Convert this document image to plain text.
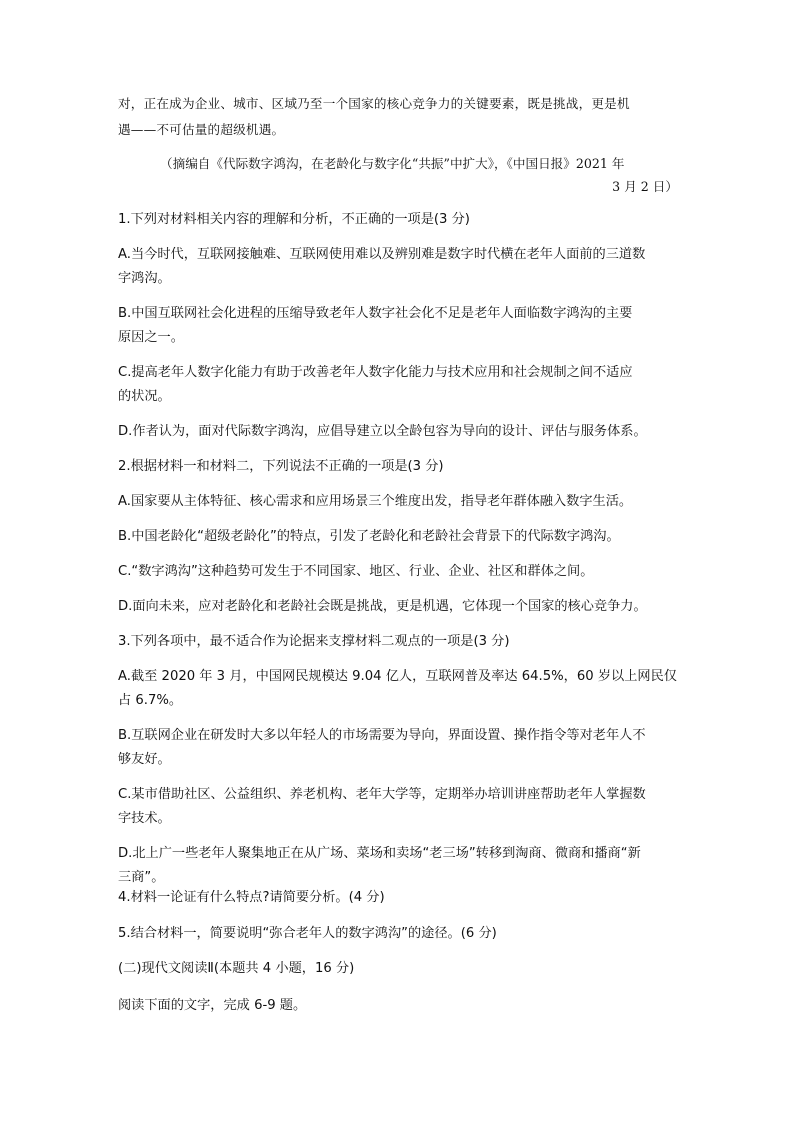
对，正在成为企业、城市、区域乃至一个国家的核心竞争力的关键要素，既是挑战，更是机
遇——不可估量的超级机遇。
（摘编自《代际数字鸿沟，在老龄化与数字化“共振”中扩大》，《中国日报》2021 年
3 月 2 日）
1.下列对材料相关内容的理解和分析，不正确的一项是(3 分)
A.当今时代，互联网接触难、互联网使用难以及辨别难是数字时代横在老年人面前的三道数
字鸿沟。
B.中国互联网社会化进程的压缩导致老年人数字社会化不足是老年人面临数字鸿沟的主要
原因之一。
C.提高老年人数字化能力有助于改善老年人数字化能力与技术应用和社会规制之间不适应
的状况。
D.作者认为，面对代际数字鸿沟，应倡导建立以全龄包容为导向的设计、评估与服务体系。
2.根据材料一和材料二，下列说法不正确的一项是(3 分)
A.国家要从主体特征、核心需求和应用场景三个维度出发，指导老年群体融入数字生活。
B.中国老龄化“超级老龄化”的特点，引发了老龄化和老龄社会背景下的代际数字鸿沟。
C.“数字鸿沟”这种趋势可发生于不同国家、地区、行业、企业、社区和群体之间。
D.面向未来，应对老龄化和老龄社会既是挑战，更是机遇，它体现一个国家的核心竞争力。
3.下列各项中，最不适合作为论据来支撑材料二观点的一项是(3 分)
A.截至 2020 年 3 月，中国网民规模达 9.04 亿人，互联网普及率达 64.5%，60 岁以上网民仅
占 6.7%。
B.互联网企业在研发时大多以年轻人的市场需要为导向，界面设置、操作指令等对老年人不
够友好。
C.某市借助社区、公益组织、养老机构、老年大学等，定期举办培训讲座帮助老年人掌握数
字技术。
D.北上广一些老年人聚集地正在从广场、菜场和卖场“老三场”转移到淘商、微商和播商“新
三商”。
4.材料一论证有什么特点?请简要分析。(4 分)
5.结合材料一，简要说明“弥合老年人的数字鸿沟”的途径。(6 分)
(二)现代文阅读Ⅱ(本题共 4 小题，16 分)
阅读下面的文字，完成 6-9 题。
